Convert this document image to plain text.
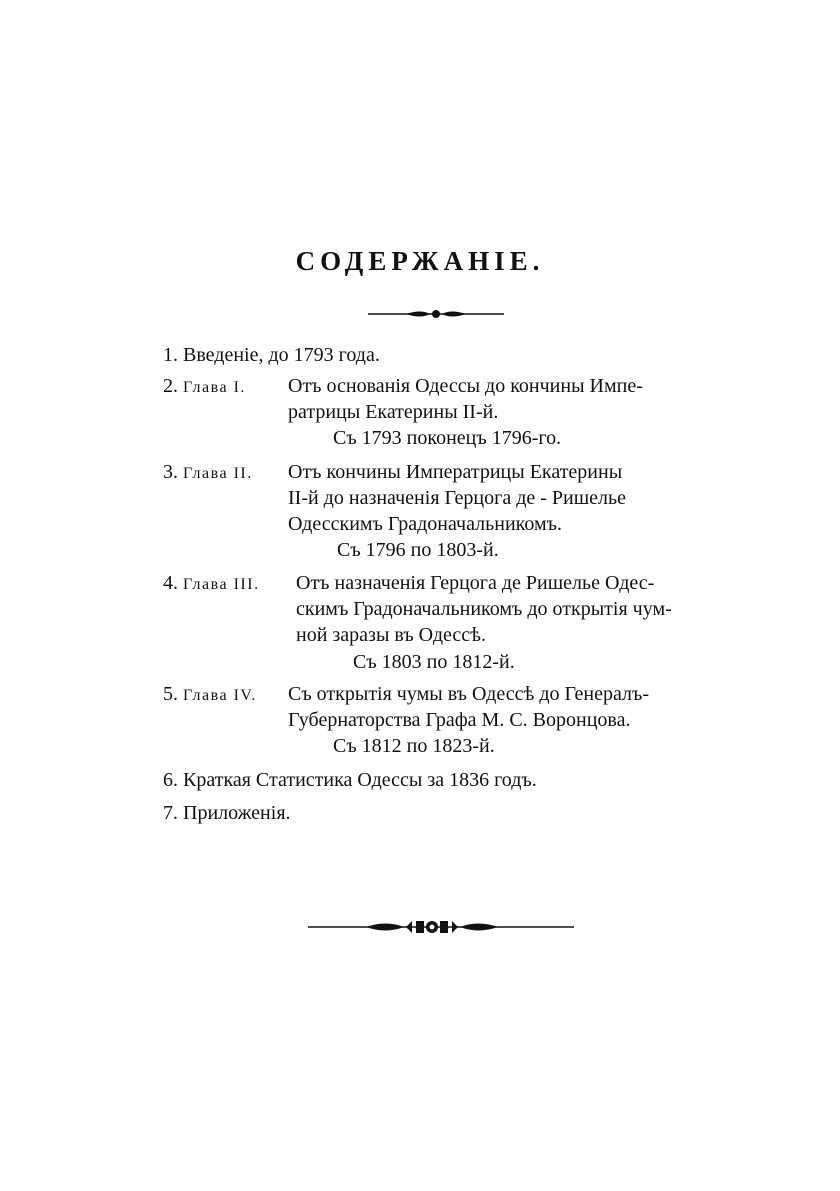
СОДЕРЖАНІЕ.
1. Введеніе, до 1793 года.
2. Глава I. Отъ основанія Одессы до кончины Импе-
ратрицы Екатерины II-й.
Съ 1793 поконецъ 1796-го.
3. Глава II. Отъ кончины Императрицы Екатерины
II-й до назначенія Герцога де - Ришелье
Одесскимъ Градоначальникомъ.
Съ 1796 по 1803-й.
4. Глава III. Отъ назначенія Герцога де Ришелье Одес-
скимъ Градоначальникомъ до открытія чум-
ной заразы въ Одессѣ.
Съ 1803 по 1812-й.
5. Глава IV. Съ открытія чумы въ Одессѣ до Генералъ-
Губернаторства Графа М. С. Воронцова.
Съ 1812 по 1823-й.
6. Краткая Статистика Одессы за 1836 годъ.
7. Приложенія.
